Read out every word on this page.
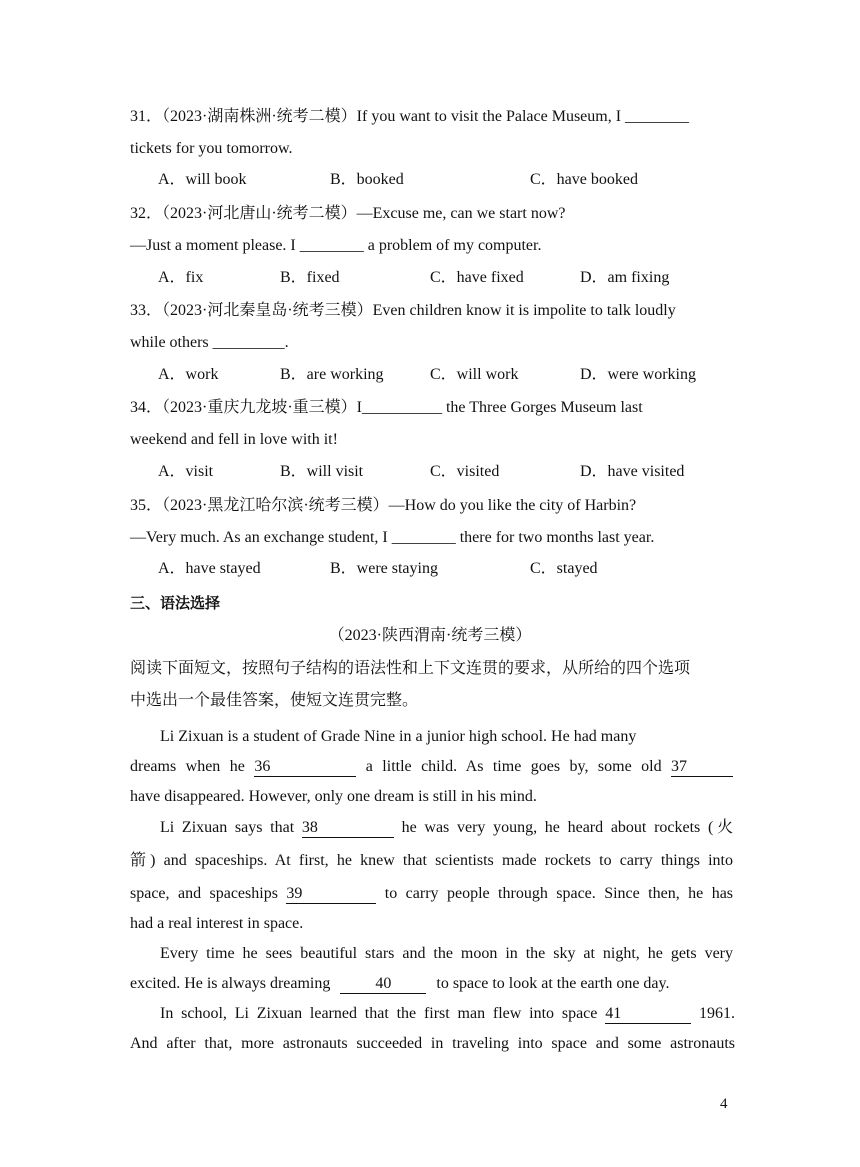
31．（2023·湖南株洲·统考二模）If you want to visit the Palace Museum, I ________
tickets for you tomorrow.
A．will book	B．booked	C．have booked
32．（2023·河北唐山·统考二模）—Excuse me, can we start now?
—Just a moment please. I ________ a problem of my computer.
A．fix	B．fixed	C．have fixed	D．am fixing
33．（2023·河北秦皇岛·统考三模）Even children know it is impolite to talk loudly
while others _________.
A．work	B．are working	C．will work	D．were working
34．（2023·重庆九龙坡·重三模）I__________ the Three Gorges Museum last
weekend and fell in love with it!
A．visit	B．will visit	C．visited	D．have visited
35．（2023·黑龙江哈尔滨·统考三模）—How do you like the city of Harbin?
—Very much. As an exchange student, I ________ there for two months last year.
A．have stayed	B．were staying	C．stayed
三、语法选择
（2023·陕西渭南·统考三模）
阅读下面短文，按照句子结构的语法性和上下文连贯的要求，从所给的四个选项
中选出一个最佳答案，使短文连贯完整。
Li Zixuan is a student of Grade Nine in a junior high school. He had many
dreams when he 36	a little child. As time goes by, some old 37
have disappeared. However, only one dream is still in his mind.
Li Zixuan says that 38	he was very young, he heard about rockets (火
箭) and spaceships. At first, he knew that scientists made rockets to carry things into
space, and spaceships 39	to carry people through space. Since then, he has
had a real interest in space.
Every time he sees beautiful stars and the moon in the sky at night, he gets very
excited. He is always dreaming	40	to space to look at the earth one day.
In school, Li Zixuan learned that the first man flew into space 41	1961.
And after that, more astronauts succeeded in traveling into space and some astronauts
4
